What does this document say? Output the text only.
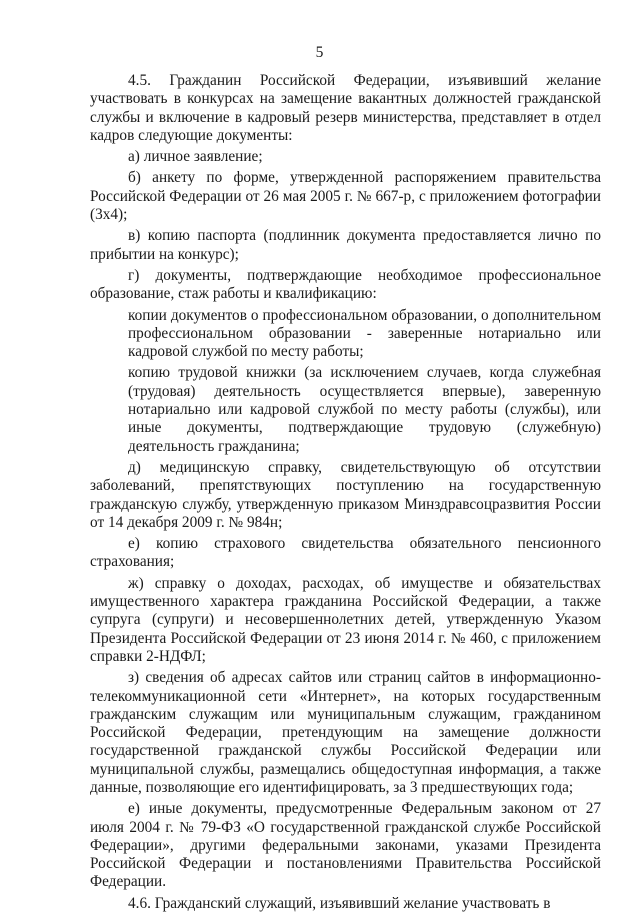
5

4.5. Гражданин Российской Федерации, изъявивший желание участвовать в конкурсах на замещение вакантных должностей гражданской службы и включение в кадровый резерв министерства, представляет в отдел кадров следующие документы:

а) личное заявление;

б) анкету по форме, утвержденной распоряжением правительства Российской Федерации от 26 мая 2005 г. № 667-р, с приложением фотографии (3x4);

в) копию паспорта (подлинник документа предоставляется лично по прибытии на конкурс);

г) документы, подтверждающие необходимое профессиональное образование, стаж работы и квалификацию:

копии документов о профессиональном образовании, о дополнительном профессиональном образовании - заверенные нотариально или кадровой службой по месту работы;

копию трудовой книжки (за исключением случаев, когда служебная (трудовая) деятельность осуществляется впервые), заверенную нотариально или кадровой службой по месту работы (службы), или иные документы, подтверждающие трудовую (служебную) деятельность гражданина;

д) медицинскую справку, свидетельствующую об отсутствии заболеваний, препятствующих поступлению на государственную гражданскую службу, утвержденную приказом Минздравсоцразвития России от 14 декабря 2009 г. № 984н;

е) копию страхового свидетельства обязательного пенсионного страхования;

ж) справку о доходах, расходах, об имуществе и обязательствах имущественного характера гражданина Российской Федерации, а также супруга (супруги) и несовершеннолетних детей, утвержденную Указом Президента Российской Федерации от 23 июня 2014 г. № 460, с приложением справки 2-НДФЛ;

з) сведения об адресах сайтов или страниц сайтов в информационно-телекоммуникационной сети «Интернет», на которых государственным гражданским служащим или муниципальным служащим, гражданином Российской Федерации, претендующим на замещение должности государственной гражданской службы Российской Федерации или муниципальной службы, размещались общедоступная информация, а также данные, позволяющие его идентифицировать, за 3 предшествующих года;

е) иные документы, предусмотренные Федеральным законом от 27 июля 2004 г. № 79-ФЗ «О государственной гражданской службе Российской Федерации», другими федеральными законами, указами Президента Российской Федерации и постановлениями Правительства Российской Федерации.

4.6. Гражданский служащий, изъявивший желание участвовать в
